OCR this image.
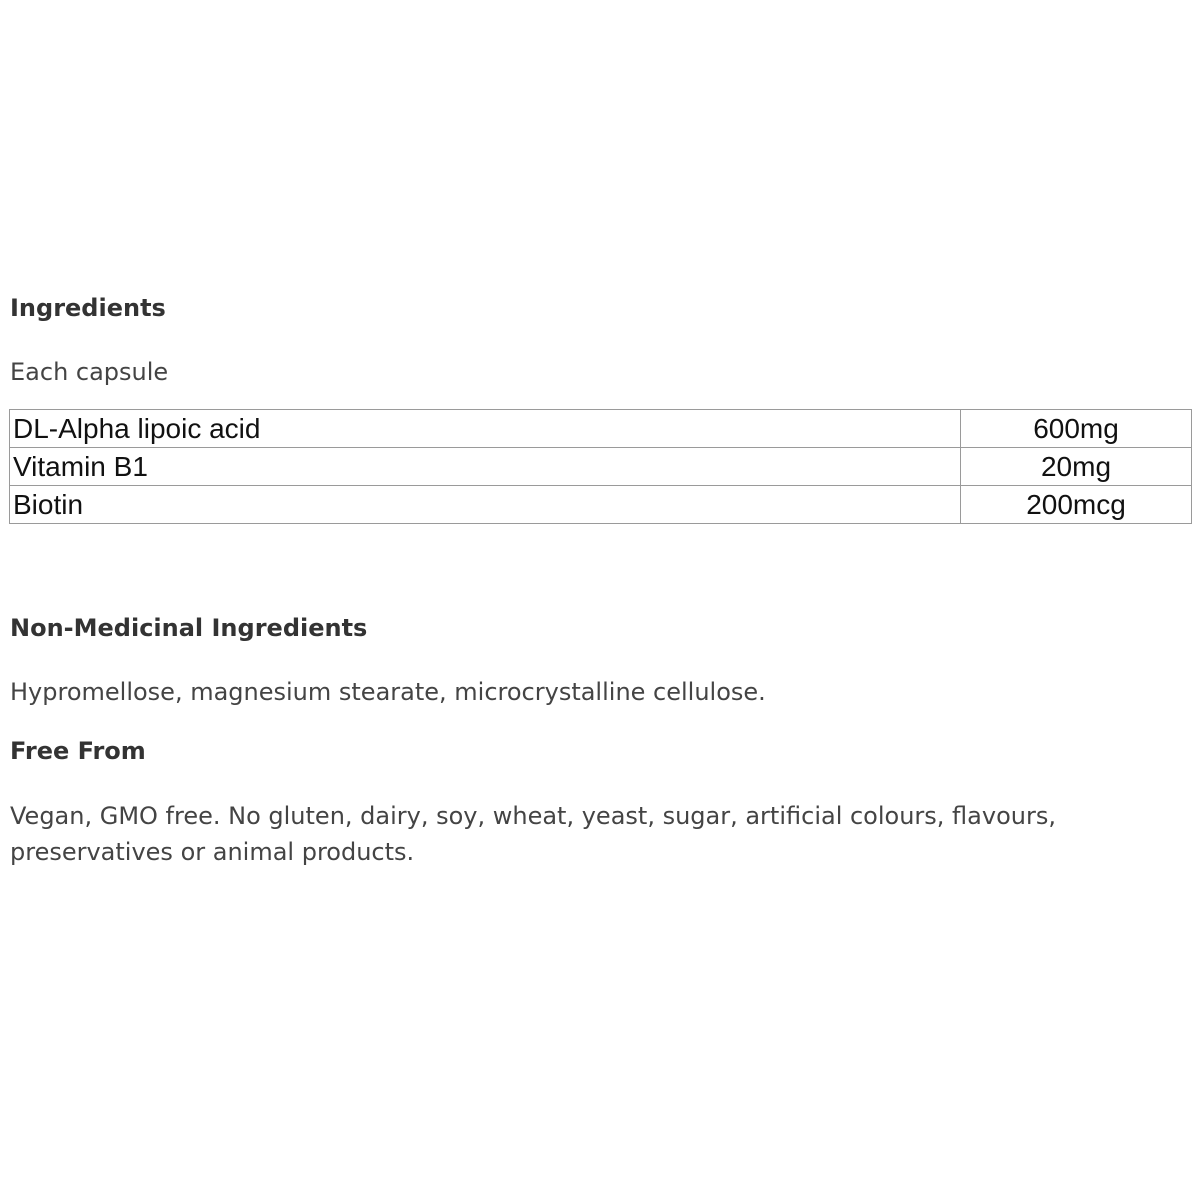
Ingredients

Each capsule

DL-Alpha lipoic acid	600mg
Vitamin B1	20mg
Biotin	200mcg
Non-Medicinal Ingredients

Hypromellose, magnesium stearate, microcrystalline cellulose.

Free From

Vegan, GMO free. No gluten, dairy, soy, wheat, yeast, sugar, artificial colours, flavours, preservatives or animal products.
